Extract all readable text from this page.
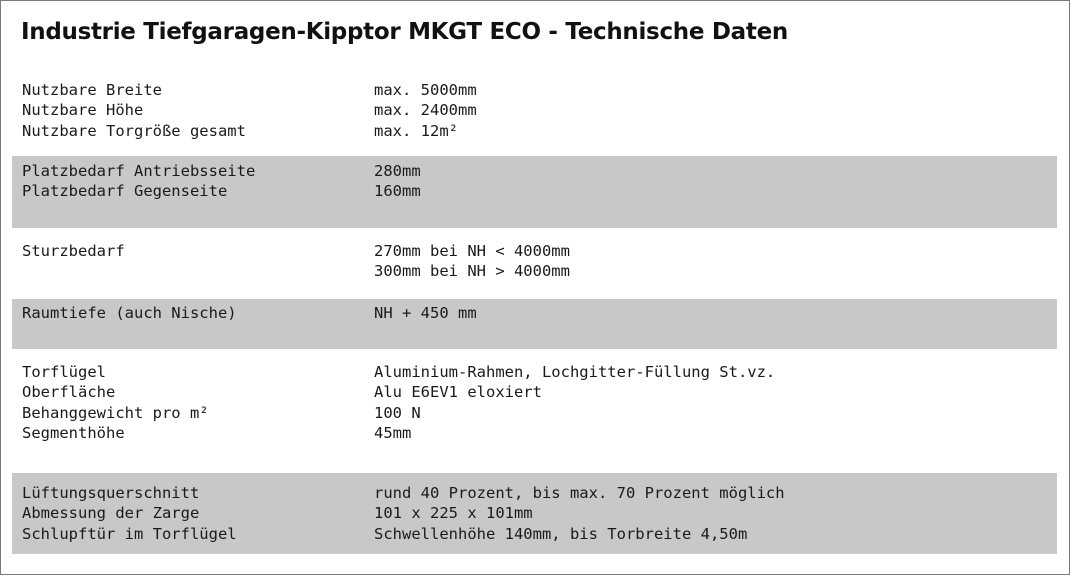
Industrie Tiefgaragen-Kipptor MKGT ECO - Technische Daten
Nutzbare Breite	max. 5000mm
Nutzbare Höhe	max. 2400mm
Nutzbare Torgröße gesamt	max. 12m²
Platzbedarf Antriebsseite	280mm
Platzbedarf Gegenseite	160mm
Sturzbedarf	270mm bei NH < 4000mm
300mm bei NH > 4000mm
Raumtiefe (auch Nische)	NH + 450 mm
Torflügel	Aluminium-Rahmen, Lochgitter-Füllung St.vz.
Oberfläche	Alu E6EV1 eloxiert
Behanggewicht pro m²	100 N
Segmenthöhe	45mm
Lüftungsquerschnitt	rund 40 Prozent, bis max. 70 Prozent möglich
Abmessung der Zarge	101 x 225 x 101mm
Schlupftür im Torflügel	Schwellenhöhe 140mm, bis Torbreite 4,50m
